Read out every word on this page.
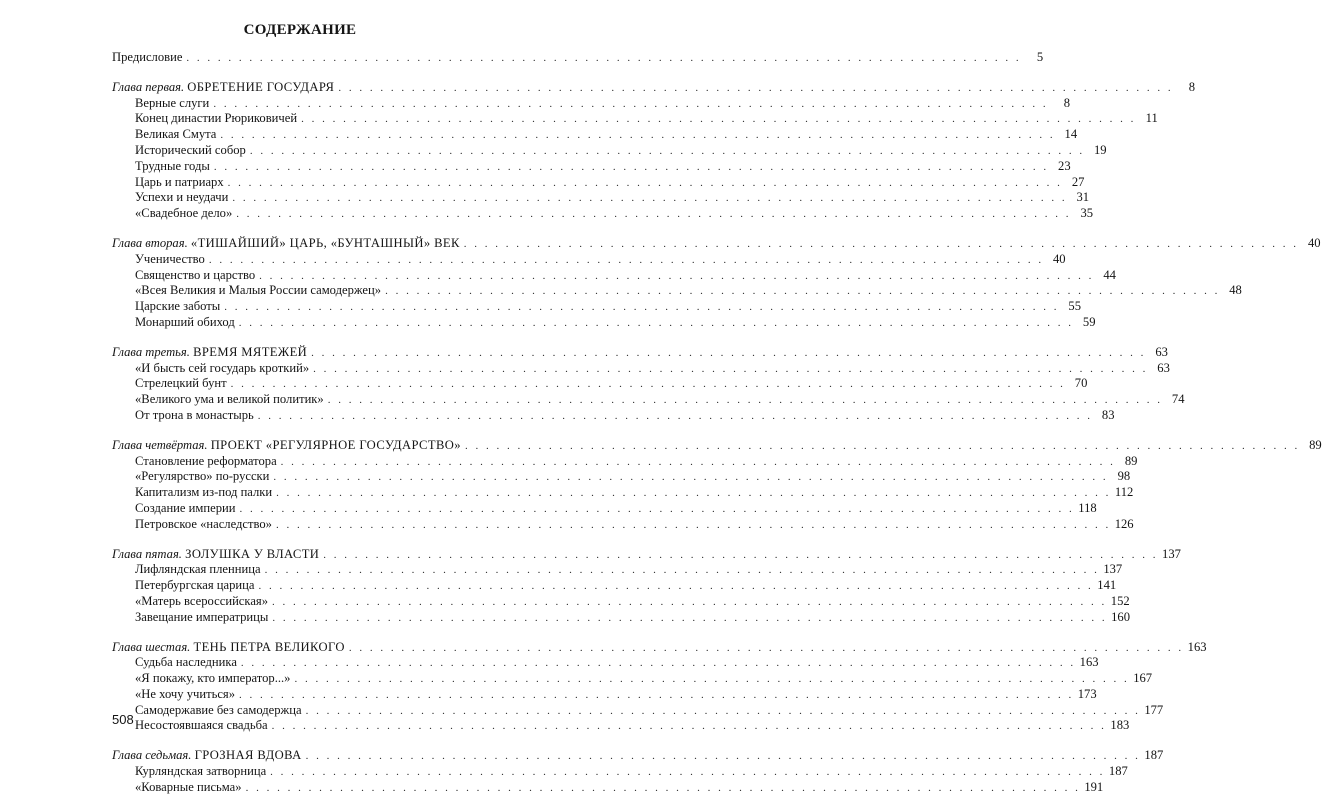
СОДЕРЖАНИЕ
Предисловие . . . . . . . . . . . . . . . . . . . . . . . . . . . . . . . . . . . . . . . . . . . . . . . . . . . . . . . . . . . . . . . . . . . . . . . . . . . . . . . .	5
Глава первая. ОБРЕТЕНИЕ ГОСУДАРЯ . . . . . . . . . . . . . . . . . . . . . . . . . . . . . . . . . . . . . . . . . . . . . . . . . . . . . . . . . . . . . . . . . . . . . . . . . . . . . . . .	8
Верные слуги . . . . . . . . . . . . . . . . . . . . . . . . . . . . . . . . . . . . . . . . . . . . . . . . . . . . . . . . . . . . . . . . . . . . . . . . . . . . . . . .	8
Конец династии Рюриковичей . . . . . . . . . . . . . . . . . . . . . . . . . . . . . . . . . . . . . . . . . . . . . . . . . . . . . . . . . . . . . . . . . . . . . . . . . . . . . . . . 11
Великая Смута . . . . . . . . . . . . . . . . . . . . . . . . . . . . . . . . . . . . . . . . . . . . . . . . . . . . . . . . . . . . . . . . . . . . . . . . . . . . . . . . 14
Исторический собор . . . . . . . . . . . . . . . . . . . . . . . . . . . . . . . . . . . . . . . . . . . . . . . . . . . . . . . . . . . . . . . . . . . . . . . . . . . . . . . . 19
Трудные годы . . . . . . . . . . . . . . . . . . . . . . . . . . . . . . . . . . . . . . . . . . . . . . . . . . . . . . . . . . . . . . . . . . . . . . . . . . . . . . . . 23
Царь и патриарх . . . . . . . . . . . . . . . . . . . . . . . . . . . . . . . . . . . . . . . . . . . . . . . . . . . . . . . . . . . . . . . . . . . . . . . . . . . . . . . . 27
Успехи и неудачи . . . . . . . . . . . . . . . . . . . . . . . . . . . . . . . . . . . . . . . . . . . . . . . . . . . . . . . . . . . . . . . . . . . . . . . . . . . . . . . . 31
«Свадебное дело» . . . . . . . . . . . . . . . . . . . . . . . . . . . . . . . . . . . . . . . . . . . . . . . . . . . . . . . . . . . . . . . . . . . . . . . . . . . . . . . . 35
Глава вторая. «ТИШАЙШИЙ» ЦАРЬ, «БУНТАШНЫЙ» ВЕК . . . . . . . . . . . . . . . . . . . . . . . . . . . . . . . . . . . . . . . . . . . . . . . . . . . . . . . . . . . . . . . . . . . . . . . . . . . . . . . . 40
Ученичество . . . . . . . . . . . . . . . . . . . . . . . . . . . . . . . . . . . . . . . . . . . . . . . . . . . . . . . . . . . . . . . . . . . . . . . . . . . . . . . . 40
Священство и царство . . . . . . . . . . . . . . . . . . . . . . . . . . . . . . . . . . . . . . . . . . . . . . . . . . . . . . . . . . . . . . . . . . . . . . . . . . . . . . . . 44
«Всея Великия и Малыя России самодержец» . . . . . . . . . . . . . . . . . . . . . . . . . . . . . . . . . . . . . . . . . . . . . . . . . . . . . . . . . . . . . . . . . . . . . . . . . . . . . . . . 48
Царские заботы . . . . . . . . . . . . . . . . . . . . . . . . . . . . . . . . . . . . . . . . . . . . . . . . . . . . . . . . . . . . . . . . . . . . . . . . . . . . . . . . 55
Монарший обиход . . . . . . . . . . . . . . . . . . . . . . . . . . . . . . . . . . . . . . . . . . . . . . . . . . . . . . . . . . . . . . . . . . . . . . . . . . . . . . . . 59
Глава третья. ВРЕМЯ МЯТЕЖЕЙ . . . . . . . . . . . . . . . . . . . . . . . . . . . . . . . . . . . . . . . . . . . . . . . . . . . . . . . . . . . . . . . . . . . . . . . . . . . . . . . . 63
«И бысть сей государь кроткий» . . . . . . . . . . . . . . . . . . . . . . . . . . . . . . . . . . . . . . . . . . . . . . . . . . . . . . . . . . . . . . . . . . . . . . . . . . . . . . . . 63
Стрелецкий бунт . . . . . . . . . . . . . . . . . . . . . . . . . . . . . . . . . . . . . . . . . . . . . . . . . . . . . . . . . . . . . . . . . . . . . . . . . . . . . . . . 70
«Великого ума и великой политик» . . . . . . . . . . . . . . . . . . . . . . . . . . . . . . . . . . . . . . . . . . . . . . . . . . . . . . . . . . . . . . . . . . . . . . . . . . . . . . . . 74
От трона в монастырь . . . . . . . . . . . . . . . . . . . . . . . . . . . . . . . . . . . . . . . . . . . . . . . . . . . . . . . . . . . . . . . . . . . . . . . . . . . . . . . . 83
Глава четвёртая. ПРОЕКТ «РЕГУЛЯРНОЕ ГОСУДАРСТВО» . . . . . . . . . . . . . . . . . . . . . . . . . . . . . . . . . . . . . . . . . . . . . . . . . . . . . . . . . . . . . . . . . . . . . . . . . . . . . . . . 89
Становление реформатора . . . . . . . . . . . . . . . . . . . . . . . . . . . . . . . . . . . . . . . . . . . . . . . . . . . . . . . . . . . . . . . . . . . . . . . . . . . . . . . . 89
«Регулярство» по-русски . . . . . . . . . . . . . . . . . . . . . . . . . . . . . . . . . . . . . . . . . . . . . . . . . . . . . . . . . . . . . . . . . . . . . . . . . . . . . . . . 98
Капитализм из-под палки . . . . . . . . . . . . . . . . . . . . . . . . . . . . . . . . . . . . . . . . . . . . . . . . . . . . . . . . . . . . . . . . . . . . . . . . . . . . . . . . 112
Создание империи . . . . . . . . . . . . . . . . . . . . . . . . . . . . . . . . . . . . . . . . . . . . . . . . . . . . . . . . . . . . . . . . . . . . . . . . . . . . . . . . 118
Петровское «наследство» . . . . . . . . . . . . . . . . . . . . . . . . . . . . . . . . . . . . . . . . . . . . . . . . . . . . . . . . . . . . . . . . . . . . . . . . . . . . . . . . 126
Глава пятая. ЗОЛУШКА У ВЛАСТИ . . . . . . . . . . . . . . . . . . . . . . . . . . . . . . . . . . . . . . . . . . . . . . . . . . . . . . . . . . . . . . . . . . . . . . . . . . . . . . . . 137
Лифляндская пленница . . . . . . . . . . . . . . . . . . . . . . . . . . . . . . . . . . . . . . . . . . . . . . . . . . . . . . . . . . . . . . . . . . . . . . . . . . . . . . . . 137
Петербургская царица . . . . . . . . . . . . . . . . . . . . . . . . . . . . . . . . . . . . . . . . . . . . . . . . . . . . . . . . . . . . . . . . . . . . . . . . . . . . . . . . 141
«Матерь всероссийская» . . . . . . . . . . . . . . . . . . . . . . . . . . . . . . . . . . . . . . . . . . . . . . . . . . . . . . . . . . . . . . . . . . . . . . . . . . . . . . . . 152
Завещание императрицы . . . . . . . . . . . . . . . . . . . . . . . . . . . . . . . . . . . . . . . . . . . . . . . . . . . . . . . . . . . . . . . . . . . . . . . . . . . . . . . . 160
Глава шестая. ТЕНЬ ПЕТРА ВЕЛИКОГО . . . . . . . . . . . . . . . . . . . . . . . . . . . . . . . . . . . . . . . . . . . . . . . . . . . . . . . . . . . . . . . . . . . . . . . . . . . . . . . . 163
Судьба наследника . . . . . . . . . . . . . . . . . . . . . . . . . . . . . . . . . . . . . . . . . . . . . . . . . . . . . . . . . . . . . . . . . . . . . . . . . . . . . . . . 163
«Я покажу, кто император...» . . . . . . . . . . . . . . . . . . . . . . . . . . . . . . . . . . . . . . . . . . . . . . . . . . . . . . . . . . . . . . . . . . . . . . . . . . . . . . . . 167
«Не хочу учиться» . . . . . . . . . . . . . . . . . . . . . . . . . . . . . . . . . . . . . . . . . . . . . . . . . . . . . . . . . . . . . . . . . . . . . . . . . . . . . . . . 173
Самодержавие без самодержца . . . . . . . . . . . . . . . . . . . . . . . . . . . . . . . . . . . . . . . . . . . . . . . . . . . . . . . . . . . . . . . . . . . . . . . . . . . . . . . . 177
Несостоявшаяся свадьба . . . . . . . . . . . . . . . . . . . . . . . . . . . . . . . . . . . . . . . . . . . . . . . . . . . . . . . . . . . . . . . . . . . . . . . . . . . . . . . . 183
Глава седьмая. ГРОЗНАЯ ВДОВА . . . . . . . . . . . . . . . . . . . . . . . . . . . . . . . . . . . . . . . . . . . . . . . . . . . . . . . . . . . . . . . . . . . . . . . . . . . . . . . . 187
Курляндская затворница . . . . . . . . . . . . . . . . . . . . . . . . . . . . . . . . . . . . . . . . . . . . . . . . . . . . . . . . . . . . . . . . . . . . . . . . . . . . . . . . 187
«Коварные письма» . . . . . . . . . . . . . . . . . . . . . . . . . . . . . . . . . . . . . . . . . . . . . . . . . . . . . . . . . . . . . . . . . . . . . . . . . . . . . . . . 191
508
